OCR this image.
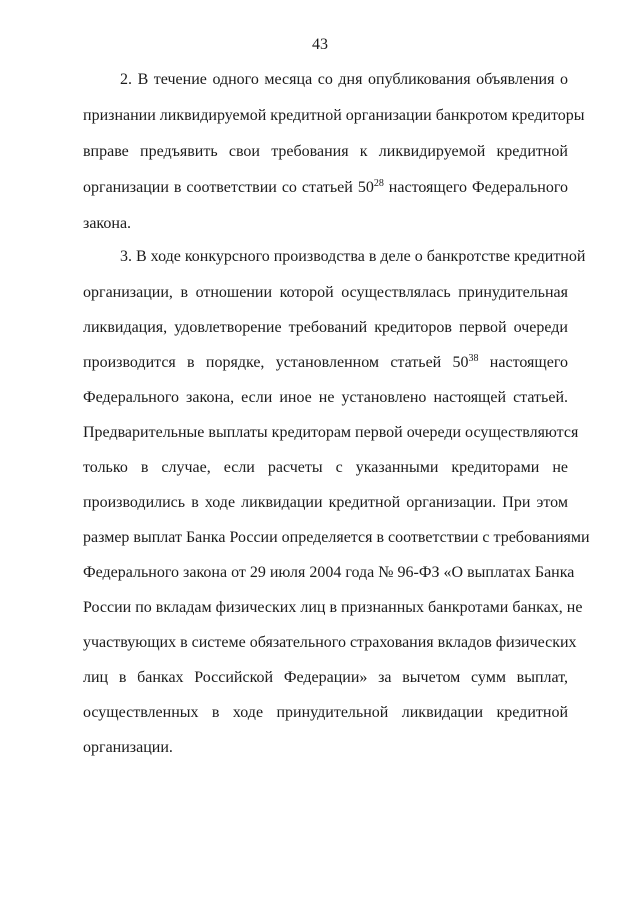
43
2. В течение одного месяца со дня опубликования объявления о
признании ликвидируемой кредитной организации банкротом кредиторы
вправе предъявить свои требования к ликвидируемой кредитной
организации в соответствии со статьей $50^{28}$ настоящего Федерального
закона.
3. В ходе конкурсного производства в деле о банкротстве кредитной
организации, в отношении которой осуществлялась принудительная
ликвидация, удовлетворение требований кредиторов первой очереди
производится в порядке, установленном статьей $50^{38}$ настоящего
Федерального закона, если иное не установлено настоящей статьей.
Предварительные выплаты кредиторам первой очереди осуществляются
только в случае, если расчеты с указанными кредиторами не
производились в ходе ликвидации кредитной организации. При этом
размер выплат Банка России определяется в соответствии с требованиями
Федерального закона от 29 июля 2004 года № 96-ФЗ «О выплатах Банка
России по вкладам физических лиц в признанных банкротами банках, не
участвующих в системе обязательного страхования вкладов физических
лиц в банках Российской Федерации» за вычетом сумм выплат,
осуществленных в ходе принудительной ликвидации кредитной
организации.
